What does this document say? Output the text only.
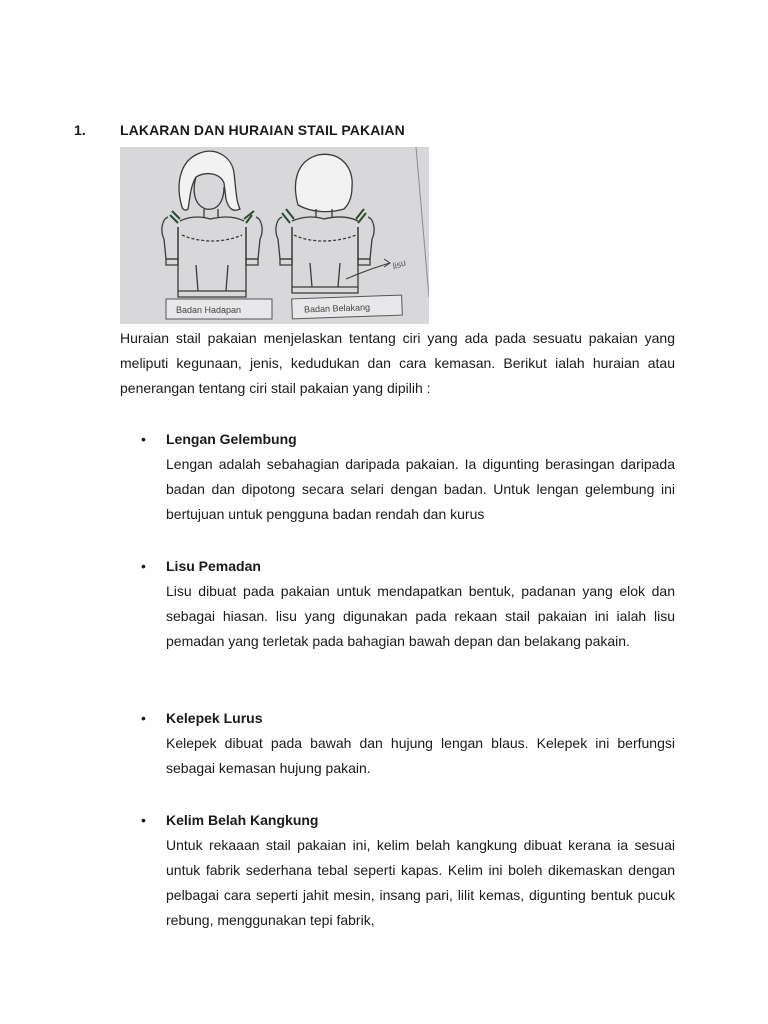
1. LAKARAN DAN HURAIAN STAIL PAKAIAN
Badan Hadapan	Badan Belakang
lisu

Huraian stail pakaian menjelaskan tentang ciri yang ada pada sesuatu pakaian yang meliputi kegunaan, jenis, kedudukan dan cara kemasan. Berikut ialah huraian atau penerangan tentang ciri stail pakaian yang dipilih :

•	Lengan Gelembung
Lengan adalah sebahagian daripada pakaian. Ia digunting berasingan daripada badan dan dipotong secara selari dengan badan. Untuk lengan gelembung ini bertujuan untuk pengguna badan rendah dan kurus
•	Lisu Pemadan
Lisu dibuat pada pakaian untuk mendapatkan bentuk, padanan yang elok dan sebagai hiasan. lisu yang digunakan pada rekaan stail pakaian ini ialah lisu pemadan yang terletak pada bahagian bawah depan dan belakang pakain.
•	Kelepek Lurus
Kelepek dibuat pada bawah dan hujung lengan blaus. Kelepek ini berfungsi sebagai kemasan hujung pakain.
•	Kelim Belah Kangkung
Untuk rekaaan stail pakaian ini, kelim belah kangkung dibuat kerana ia sesuai untuk fabrik sederhana tebal seperti kapas. Kelim ini boleh dikemaskan dengan pelbagai cara seperti jahit mesin, insang pari, lilit kemas, digunting bentuk pucuk rebung, menggunakan tepi fabrik,
